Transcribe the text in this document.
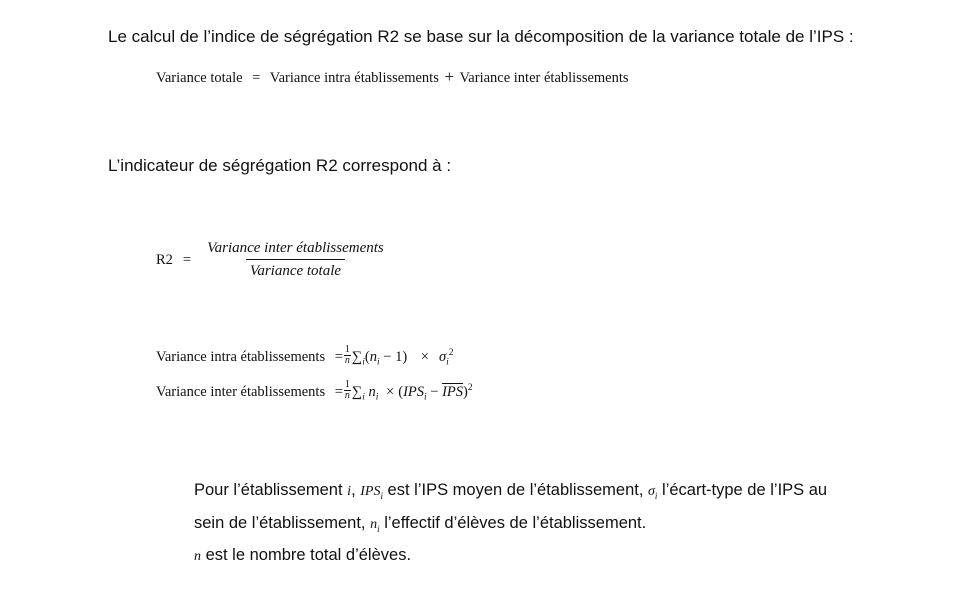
Le calcul de l’indice de ségrégation R2 se base sur la décomposition de la variance totale de l’IPS :
Variance totale = Variance intra établissements + Variance inter établissements
L’indicateur de ségrégation R2 correspond à :
$R2 = \frac{\text{Variance inter établissements}}{\text{Variance totale}}$
Variance intra établissements = $\frac{1}{n} \sum_i(n_i - 1) \times \sigma_i^2$
Variance inter établissements = $\frac{1}{n} \sum_i$ $n_i \times (IPS_i - \overline{IPS})^2$
Pour l’établissement i, $IPS_i$ est l’IPS moyen de l’établissement, $\sigma_i$ l’écart-type de l’IPS au
sein de l’établissement, $n_i$ l’effectif d’élèves de l’établissement.
n est le nombre total d’élèves.
